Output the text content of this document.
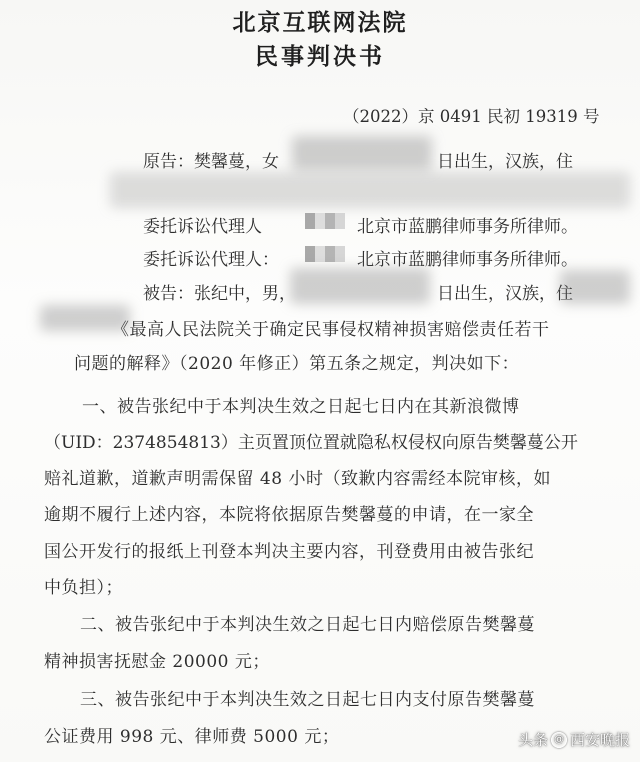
北京互联网法院
民事判决书
（2022）京 0491 民初 19319 号
原告：樊馨蔓，女	日出生，汉族，住
委托诉讼代理人	北京市蓝鹏律师事务所律师。
委托诉讼代理人：	北京市蓝鹏律师事务所律师。
被告：张纪中，男，	日出生，汉族，住
《最高人民法院关于确定民事侵权精神损害赔偿责任若干
问题的解释》（2020 年修正）第五条之规定，判决如下：
一、被告张纪中于本判决生效之日起七日内在其新浪微博
（UID：2374854813）主页置顶位置就隐私权侵权向原告樊馨蔓公开
赔礼道歉，道歉声明需保留 48 小时（致歉内容需经本院审核，如
逾期不履行上述内容，本院将依据原告樊馨蔓的申请，在一家全
国公开发行的报纸上刊登本判决主要内容，刊登费用由被告张纪
中负担）；
二、被告张纪中于本判决生效之日起七日内赔偿原告樊馨蔓
精神损害抚慰金 20000 元；
三、被告张纪中于本判决生效之日起七日内支付原告樊馨蔓
公证费用 998 元、律师费 5000 元；	头条 @ 西安晚报
